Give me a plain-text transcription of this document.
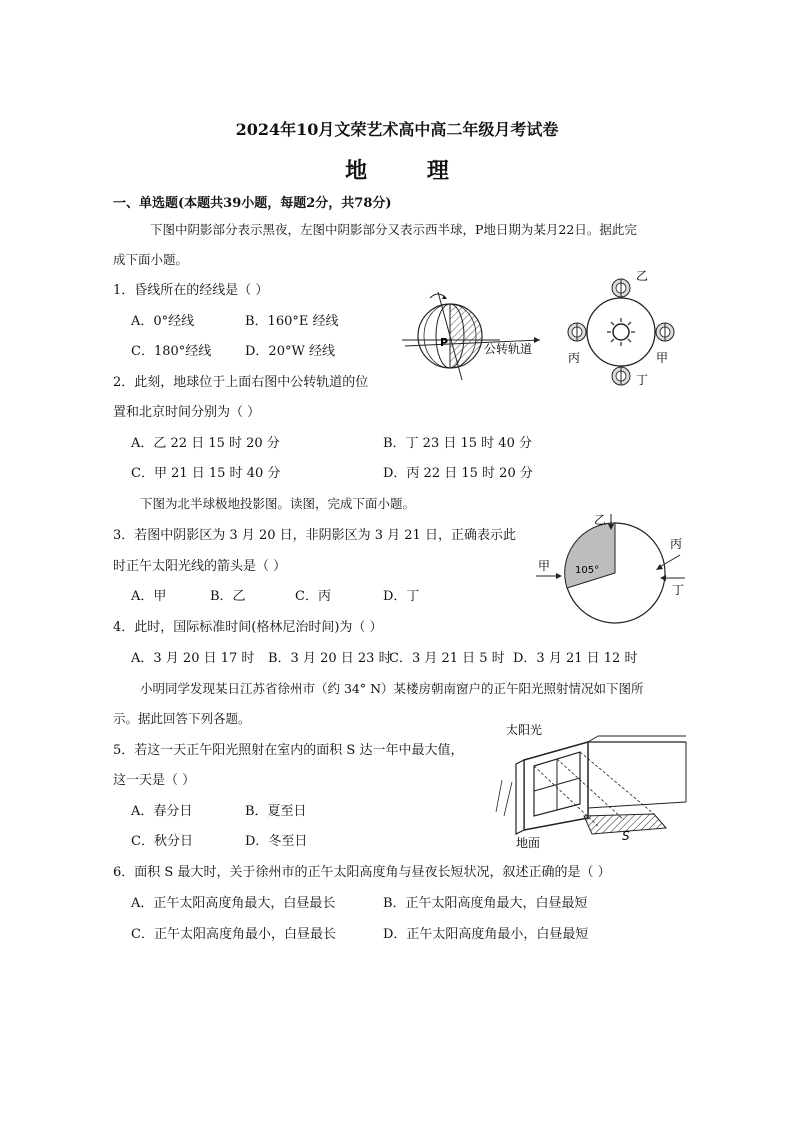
2024年10月文荣艺术高中高二年级月考试卷
地 理
一、单选题(本题共39小题，每题2分，共78分)
下图中阴影部分表示黑夜，左图中阴影部分又表示西半球，P地日期为某月22日。据此完
成下面小题。
1．昏线所在的经线是（ ）
A．0°经线	B．160°E 经线
C．180°经线	D．20°W 经线
P	公转轨道
乙
丙	甲
丁
2．此刻，地球位于上面右图中公转轨道的位
置和北京时间分别为（ ）
A．乙 22 日 15 时 20 分	B．丁 23 日 15 时 40 分
C．甲 21 日 15 时 40 分	D．丙 22 日 15 时 20 分
下图为北半球极地投影图。读图，完成下面小题。
105°
乙
甲
丙
丁
3．若图中阴影区为 3 月 20 日，非阴影区为 3 月 21 日，正确表示此
时正午太阳光线的箭头是（ ）
A．甲	B．乙	C．丙	D．丁
4．此时，国际标准时间(格林尼治时间)为（ ）
A．3 月 20 日 17 时 B．3 月 20 日 23 时
C．3 月 21 日 5 时 D．3 月 21 日 12 时
小明同学发现某日江苏省徐州市（约 34° N）某楼房朝南窗户的正午阳光照射情况如下图所
示。据此回答下列各题。
太阳光
地面	S
5．若这一天正午阳光照射在室内的面积 S 达一年中最大值，
这一天是（ ）
A．春分日	B．夏至日
C．秋分日	D．冬至日
6．面积 S 最大时，关于徐州市的正午太阳高度角与昼夜长短状况，叙述正确的是（ ）
A．正午太阳高度角最大，白昼最长	B．正午太阳高度角最大，白昼最短
C．正午太阳高度角最小，白昼最长	D．正午太阳高度角最小，白昼最短
